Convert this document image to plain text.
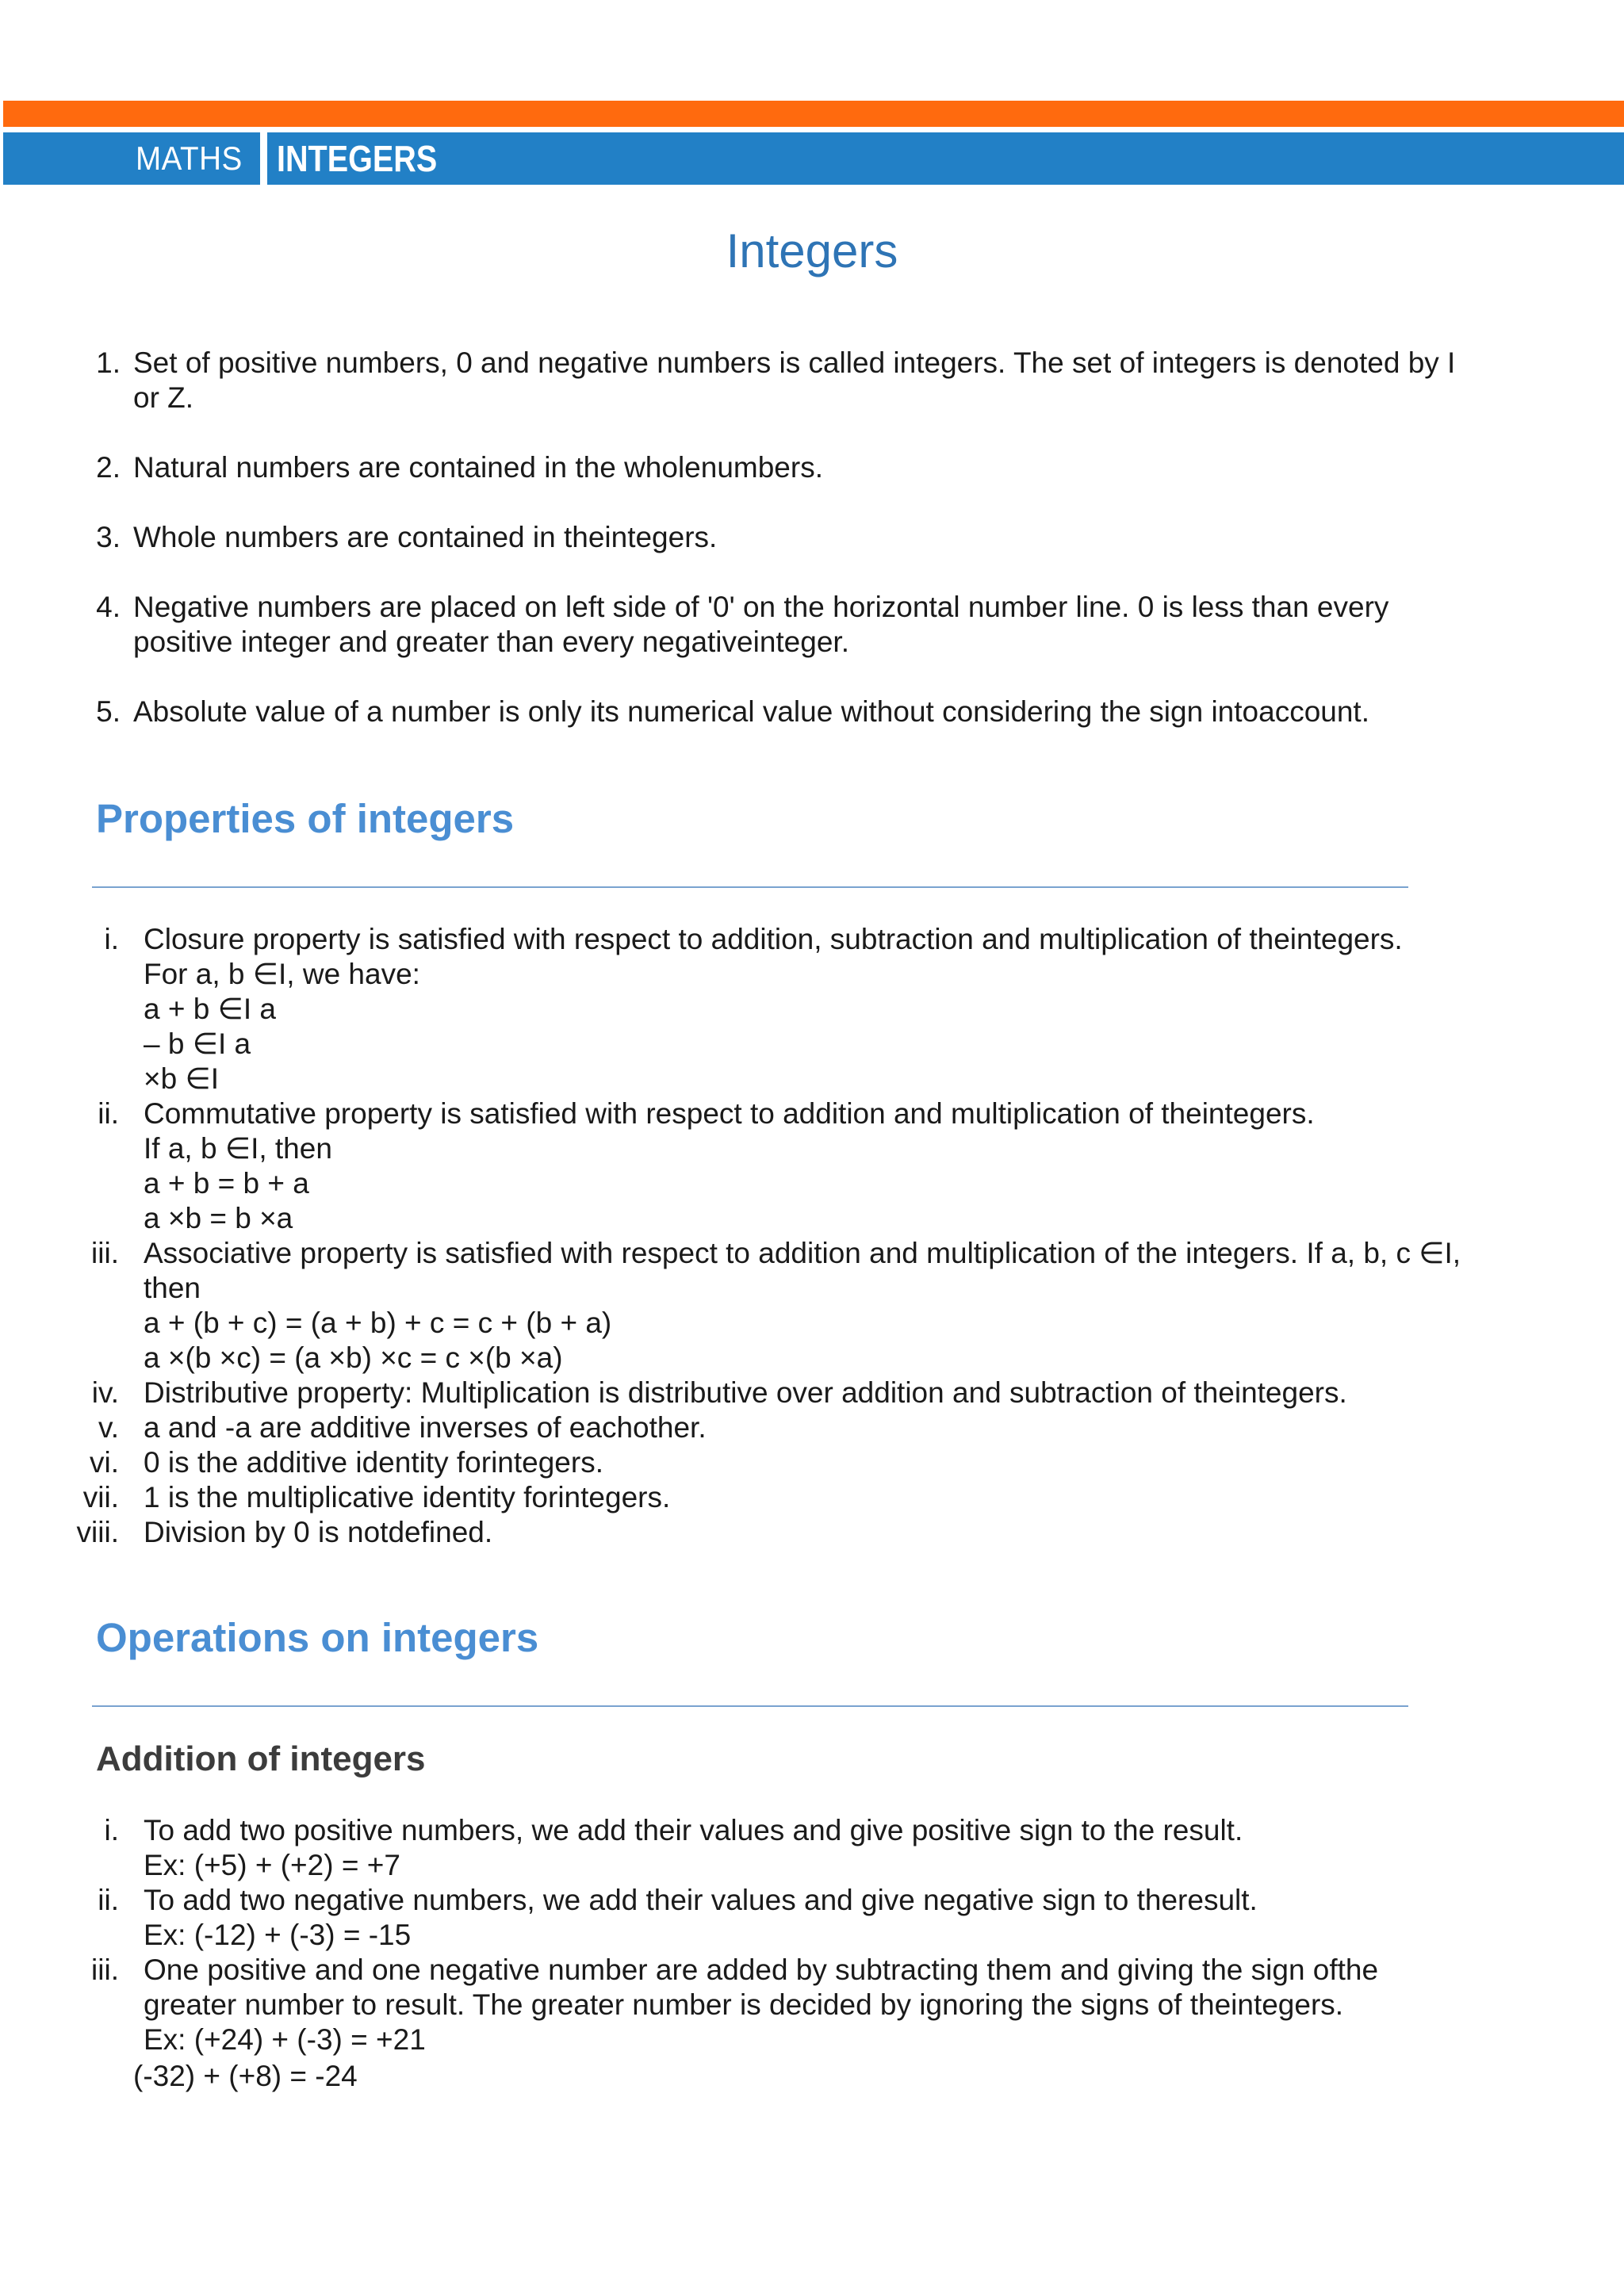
MATHS INTEGERS
Integers
1. Set of positive numbers, 0 and negative numbers is called integers. The set of integers is denoted by I
or Z.
2. Natural numbers are contained in the wholenumbers.
3. Whole numbers are contained in theintegers.
4. Negative numbers are placed on left side of '0' on the horizontal number line. 0 is less than every
positive integer and greater than every negativeinteger.
5. Absolute value of a number is only its numerical value without considering the sign intoaccount.
Properties of integers
i. Closure property is satisfied with respect to addition, subtraction and multiplication of theintegers.
For a, b ∈I, we have:
a + b ∈I a
– b ∈I a
×b ∈I
ii. Commutative property is satisfied with respect to addition and multiplication of theintegers.
If a, b ∈I, then
a + b = b + a
a ×b = b ×a
iii. Associative property is satisfied with respect to addition and multiplication of the integers. If a, b, c ∈I,
then
a + (b + c) = (a + b) + c = c + (b + a)
a ×(b ×c) = (a ×b) ×c = c ×(b ×a)
iv. Distributive property: Multiplication is distributive over addition and subtraction of theintegers.
v. a and -a are additive inverses of eachother.
vi. 0 is the additive identity forintegers.
vii. 1 is the multiplicative identity forintegers.
viii. Division by 0 is notdefined.
Operations on integers
Addition of integers
i. To add two positive numbers, we add their values and give positive sign to the result.
Ex: (+5) + (+2) = +7
ii. To add two negative numbers, we add their values and give negative sign to theresult.
Ex: (-12) + (-3) = -15
iii. One positive and one negative number are added by subtracting them and giving the sign ofthe
greater number to result. The greater number is decided by ignoring the signs of theintegers.
Ex: (+24) + (-3) = +21
(-32) + (+8) = -24
